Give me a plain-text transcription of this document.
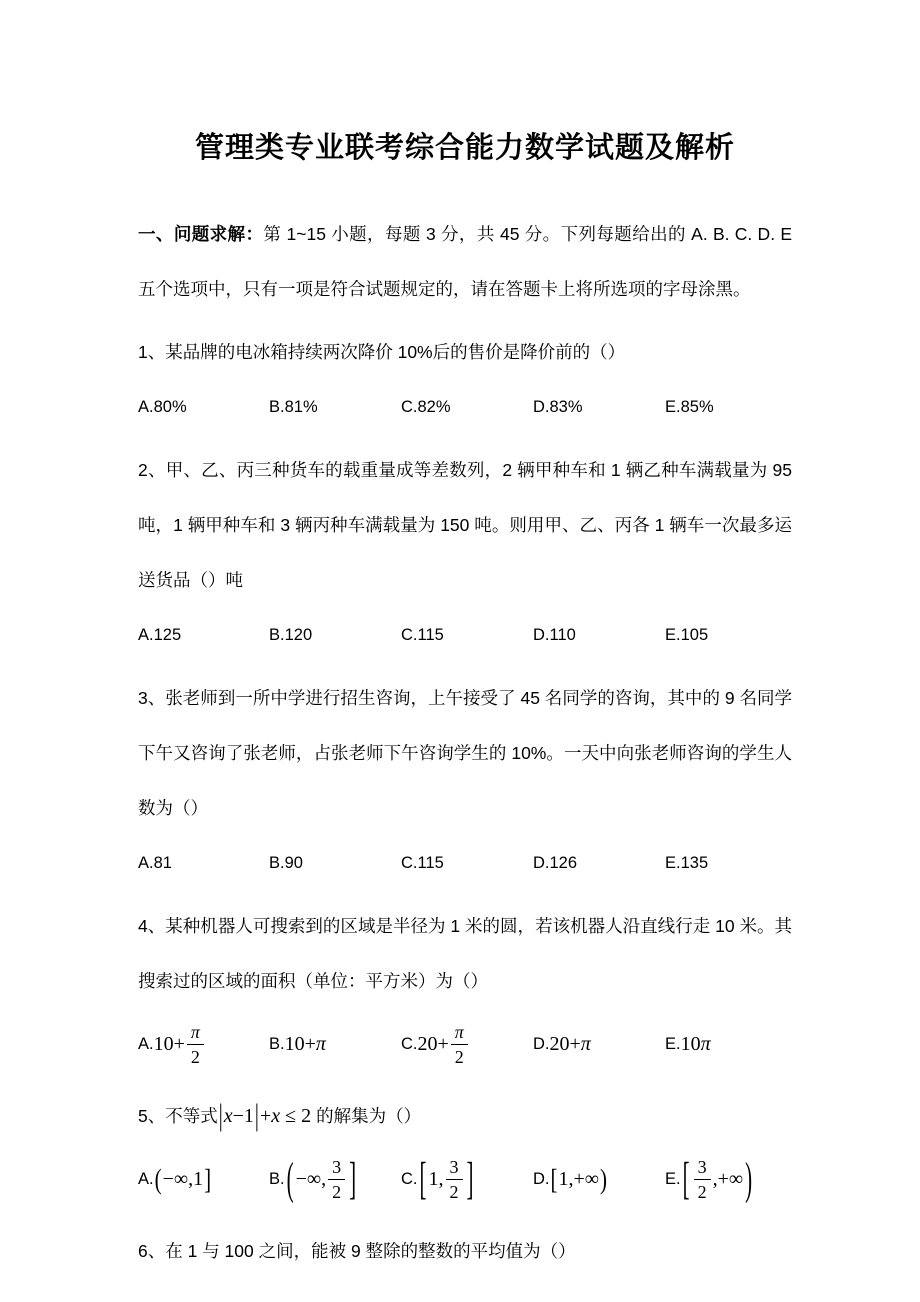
管理类专业联考综合能力数学试题及解析

一、问题求解：第 1~15 小题，每题 3 分，共 45 分。下列每题给出的 A. B. C. D. E 五个选项中，只有一项是符合试题规定的，请在答题卡上将所选项的字母涂黑。

1、某品牌的电冰箱持续两次降价 10%后的售价是降价前的（）

A. 80%	B. 81%	C. 82%	D. 83%	E. 85%

2、甲、乙、丙三种货车的载重量成等差数列，2 辆甲种车和 1 辆乙种车满载量为 95 吨，1 辆甲种车和 3 辆丙种车满载量为 150 吨。则用甲、乙、丙各 1 辆车一次最多运送货品（）吨

A. 125	B. 120	C. 115	D. 110	E. 105

3、张老师到一所中学进行招生咨询，上午接受了 45 名同学的咨询，其中的 9 名同学下午又咨询了张老师，占张老师下午咨询学生的 10%。一天中向张老师咨询的学生人数为（）

A. 81	B. 90	C. 115	D. 126	E. 135

4、某种机器人可搜索到的区域是半径为 1 米的圆，若该机器人沿直线行走 10 米。其搜索过的区域的面积（单位：平方米）为（）

A. $10+ \frac{\pi}{2}$	B. 10+ π	C. $20+ \frac{\pi}{2}$	D. 20+ π	E. 10 π

5、不等式|x−1|+x ≤ 2 的解集为（）

A. ( −∞,1 ]	B. ( −∞, $\frac{3}{2}$ ]	C. [ 1, $\frac{3}{2}$ ]	D. [ 1,+∞ )	E. [ $\frac{3}{2}$ ,+∞ )

6、在 1 与 100 之间，能被 9 整除的整数的平均值为（）
